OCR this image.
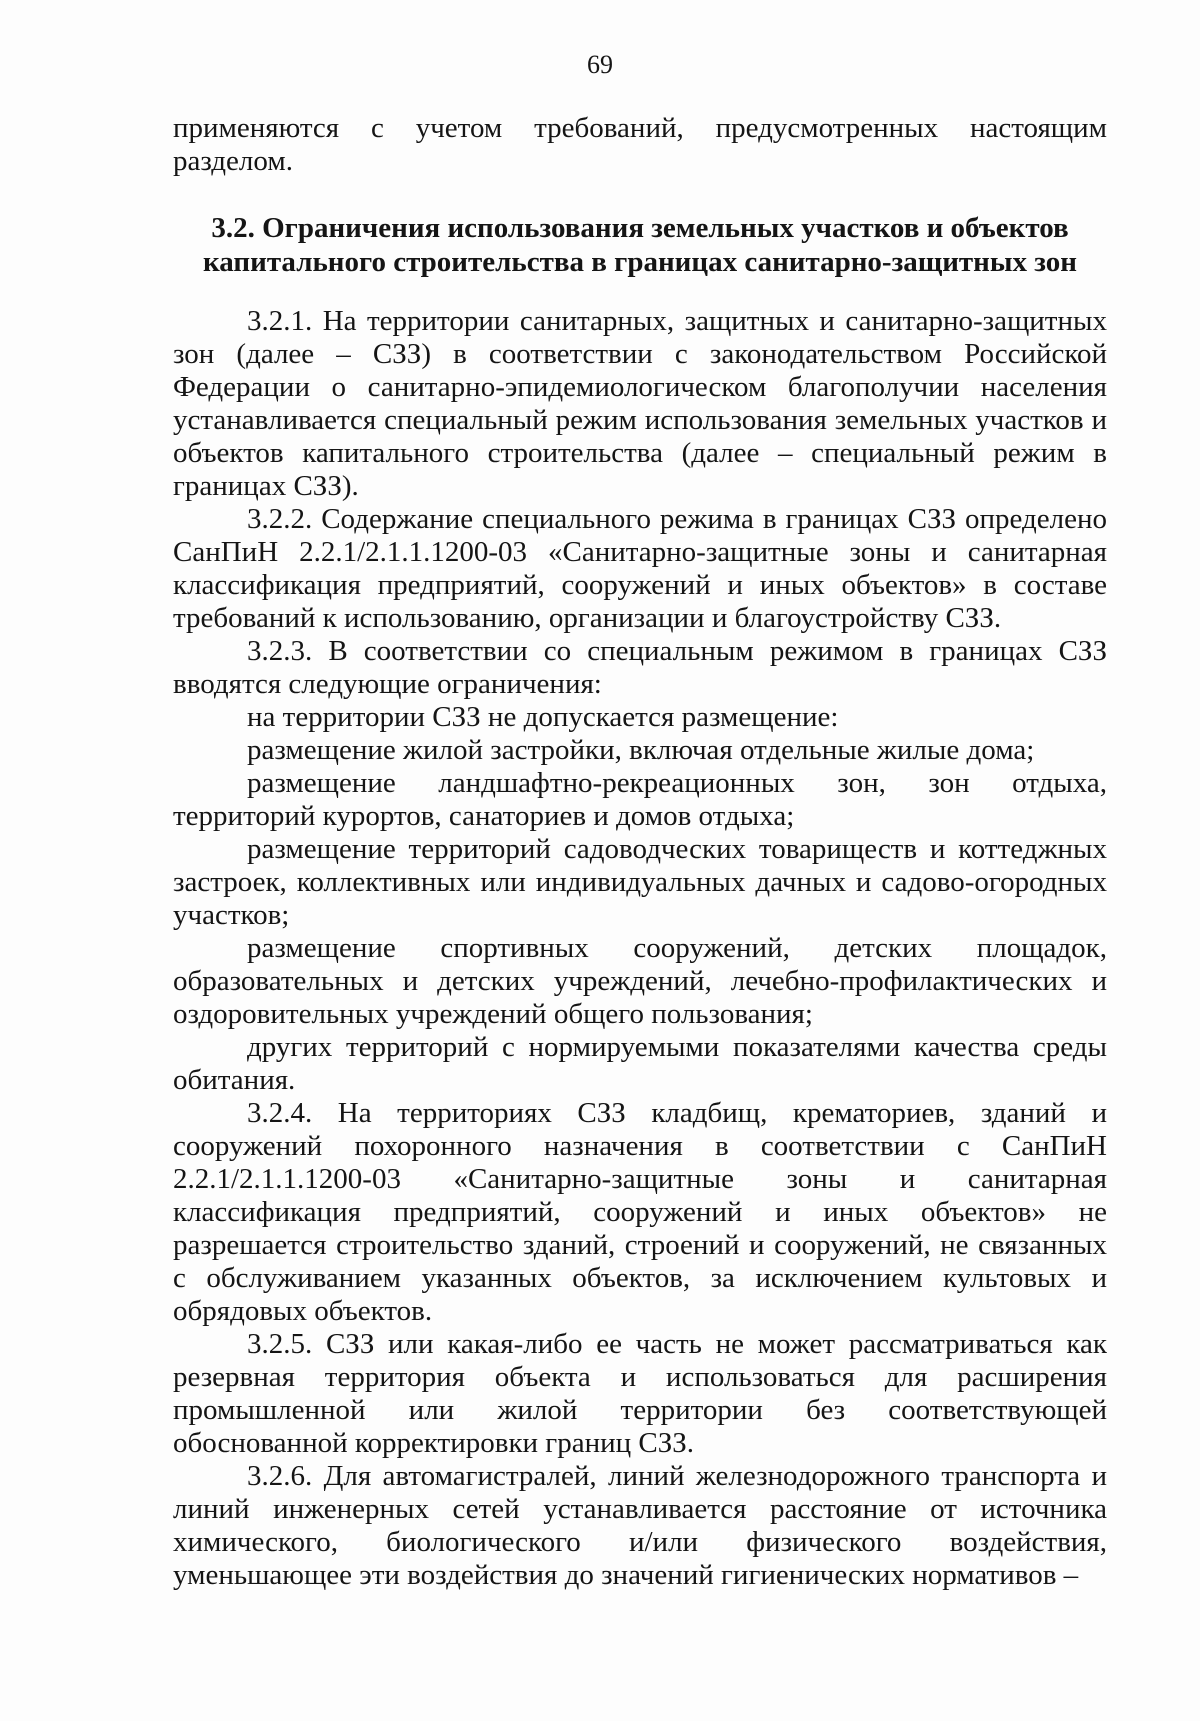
69

применяются с учетом требований, предусмотренных настоящим разделом.

3.2. Ограничения использования земельных участков и объектов
капитального строительства в границах санитарно-защитных зон

3.2.1. На территории санитарных, защитных и санитарно-защитных зон (далее – СЗЗ) в соответствии с законодательством Российской Федерации о санитарно-эпидемиологическом благополучии населения устанавливается специальный режим использования земельных участков и объектов капитального строительства (далее – специальный режим в границах СЗЗ).

3.2.2. Содержание специального режима в границах СЗЗ определено СанПиН 2.2.1/2.1.1.1200-03 «Санитарно-защитные зоны и санитарная классификация предприятий, сооружений и иных объектов» в составе требований к использованию, организации и благоустройству СЗЗ.

3.2.3. В соответствии со специальным режимом в границах СЗЗ вводятся следующие ограничения:

на территории СЗЗ не допускается размещение:

размещение жилой застройки, включая отдельные жилые дома;

размещение ландшафтно-рекреационных зон, зон отдыха, территорий курортов, санаториев и домов отдыха;

размещение территорий садоводческих товариществ и коттеджных застроек, коллективных или индивидуальных дачных и садово-огородных участков;

размещение спортивных сооружений, детских площадок, образовательных и детских учреждений, лечебно-профилактических и оздоровительных учреждений общего пользования;

других территорий с нормируемыми показателями качества среды обитания.

3.2.4. На территориях СЗЗ кладбищ, крематориев, зданий и сооружений похоронного назначения в соответствии с СанПиН 2.2.1/2.1.1.1200-03 «Санитарно-защитные зоны и санитарная классификация предприятий, сооружений и иных объектов» не разрешается строительство зданий, строений и сооружений, не связанных с обслуживанием указанных объектов, за исключением культовых и обрядовых объектов.

3.2.5. СЗЗ или какая-либо ее часть не может рассматриваться как резервная территория объекта и использоваться для расширения промышленной или жилой территории без соответствующей обоснованной корректировки границ СЗЗ.

3.2.6. Для автомагистралей, линий железнодорожного транспорта и линий инженерных сетей устанавливается расстояние от источника химического, биологического и/или физического воздействия, уменьшающее эти воздействия до значений гигиенических нормативов –
